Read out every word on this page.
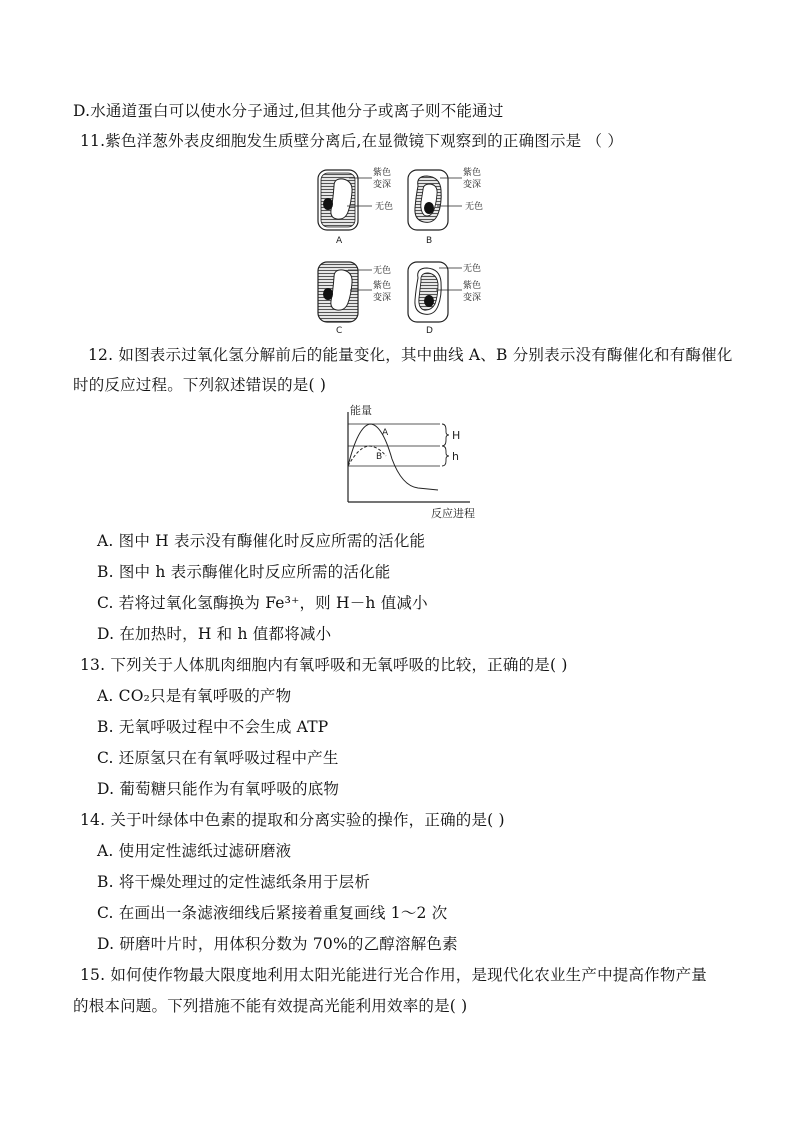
D.水通道蛋白可以使水分子通过,但其他分子或离子则不能通过
11.紫色洋葱外表皮细胞发生质壁分离后,在显微镜下观察到的正确图示是 （ ）
紫色
变深
无色
A
紫色
变深
无色
B
无色
紫色
变深
C
无色
紫色
变深
D
12. 如图表示过氧化氢分解前后的能量变化，其中曲线 A、B 分别表示没有酶催化和有酶催化
时的反应过程。下列叙述错误的是( )
能量
反应进程
A
B
H
h
A. 图中 H 表示没有酶催化时反应所需的活化能
B. 图中 h 表示酶催化时反应所需的活化能
C. 若将过氧化氢酶换为 Fe³⁺，则 H－h 值减小
D. 在加热时，H 和 h 值都将减小
13. 下列关于人体肌肉细胞内有氧呼吸和无氧呼吸的比较，正确的是( )
A. CO₂只是有氧呼吸的产物
B. 无氧呼吸过程中不会生成 ATP
C. 还原氢只在有氧呼吸过程中产生
D. 葡萄糖只能作为有氧呼吸的底物
14. 关于叶绿体中色素的提取和分离实验的操作，正确的是( )
A. 使用定性滤纸过滤研磨液
B. 将干燥处理过的定性滤纸条用于层析
C. 在画出一条滤液细线后紧接着重复画线 1～2 次
D. 研磨叶片时，用体积分数为 70%的乙醇溶解色素
15. 如何使作物最大限度地利用太阳光能进行光合作用，是现代化农业生产中提高作物产量
的根本问题。下列措施不能有效提高光能利用效率的是( )
